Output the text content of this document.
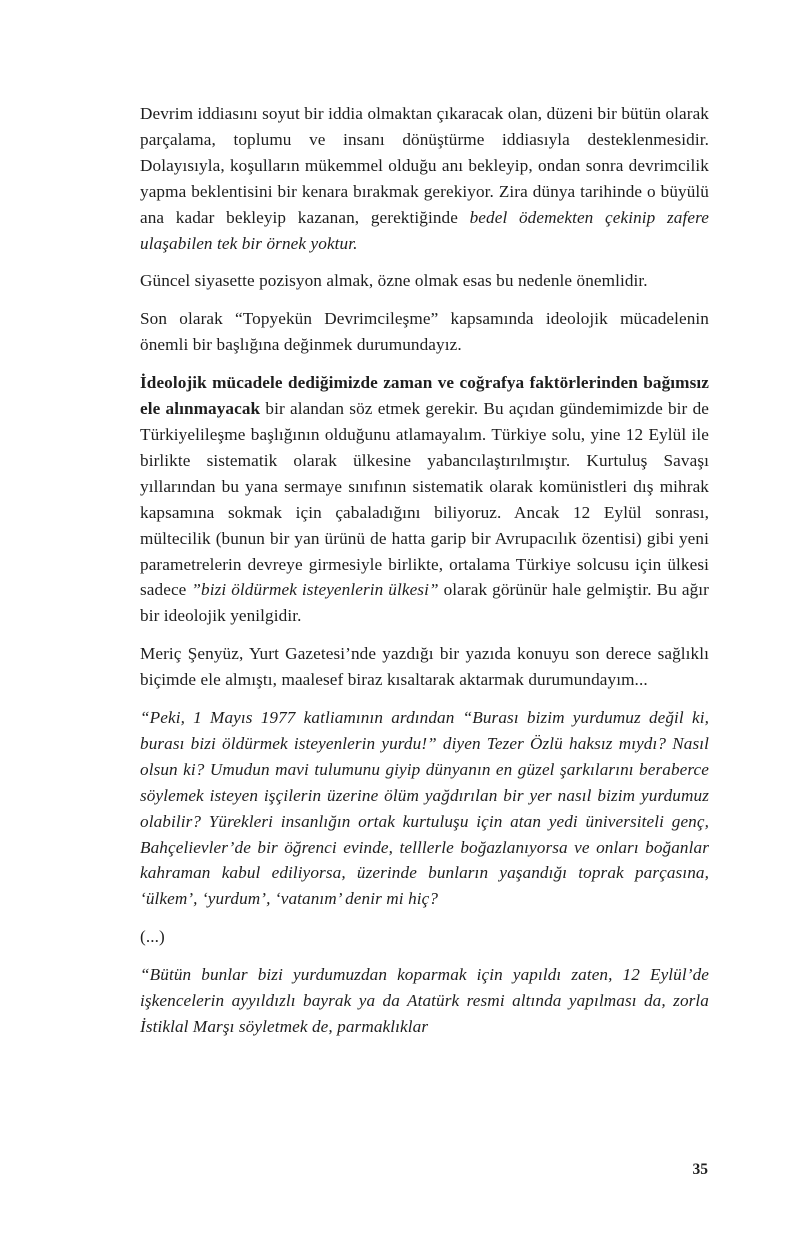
Devrim iddiasını soyut bir iddia olmaktan çıkaracak olan, düzeni bir bütün olarak parçalama, toplumu ve insanı dönüştürme iddiasıyla desteklenmesidir. Dolayısıyla, koşulların mükemmel olduğu anı bekleyip, ondan sonra devrimcilik yapma beklentisini bir kenara bırakmak gerekiyor. Zira dünya tarihinde o büyülü ana kadar bekleyip kazanan, gerektiğinde bedel ödemekten çekinip zafere ulaşabilen tek bir örnek yoktur.

Güncel siyasette pozisyon almak, özne olmak esas bu nedenle önemlidir.

Son olarak “Topyekün Devrimcileşme” kapsamında ideolojik mücadelenin önemli bir başlığına değinmek durumundayız.

İdeolojik mücadele dediğimizde zaman ve coğrafya faktörlerinden bağımsız ele alınmayacak bir alandan söz etmek gerekir. Bu açıdan gündemimizde bir de Türkiyelileşme başlığının olduğunu atlamayalım. Türkiye solu, yine 12 Eylül ile birlikte sistematik olarak ülkesine yabancılaştırılmıştır. Kurtuluş Savaşı yıllarından bu yana sermaye sınıfının sistematik olarak komünistleri dış mihrak kapsamına sokmak için çabaladığını biliyoruz. Ancak 12 Eylül sonrası, mültecilik (bunun bir yan ürünü de hatta garip bir Avrupacılık özentisi) gibi yeni parametrelerin devreye girmesiyle birlikte, ortalama Türkiye solcusu için ülkesi sadece ”bizi öldürmek isteyenlerin ülkesi” olarak görünür hale gelmiştir. Bu ağır bir ideolojik yenilgidir.

Meriç Şenyüz, Yurt Gazetesi’nde yazdığı bir yazıda konuyu son derece sağlıklı biçimde ele almıştı, maalesef biraz kısaltarak aktarmak durumundayım...

“Peki, 1 Mayıs 1977 katliamının ardından “Burası bizim yurdumuz değil ki, burası bizi öldürmek isteyenlerin yurdu!” diyen Tezer Özlü haksız mıydı? Nasıl olsun ki? Umudun mavi tulumunu giyip dünyanın en güzel şarkılarını beraberce söylemek isteyen işçilerin üzerine ölüm yağdırılan bir yer nasıl bizim yurdumuz olabilir? Yürekleri insanlığın ortak kurtuluşu için atan yedi üniversiteli genç, Bahçelievler’de bir öğrenci evinde, telllerle boğazlanıyorsa ve onları boğanlar kahraman kabul ediliyorsa, üzerinde bunların yaşandığı toprak parçasına, ‘ülkem’, ‘yurdum’, ‘vatanım’ denir mi hiç?

(...)

“Bütün bunlar bizi yurdumuzdan koparmak için yapıldı zaten, 12 Eylül’de işkencelerin ayyıldızlı bayrak ya da Atatürk resmi altında yapılması da, zorla İstiklal Marşı söyletmek de, parmaklıklar

35
